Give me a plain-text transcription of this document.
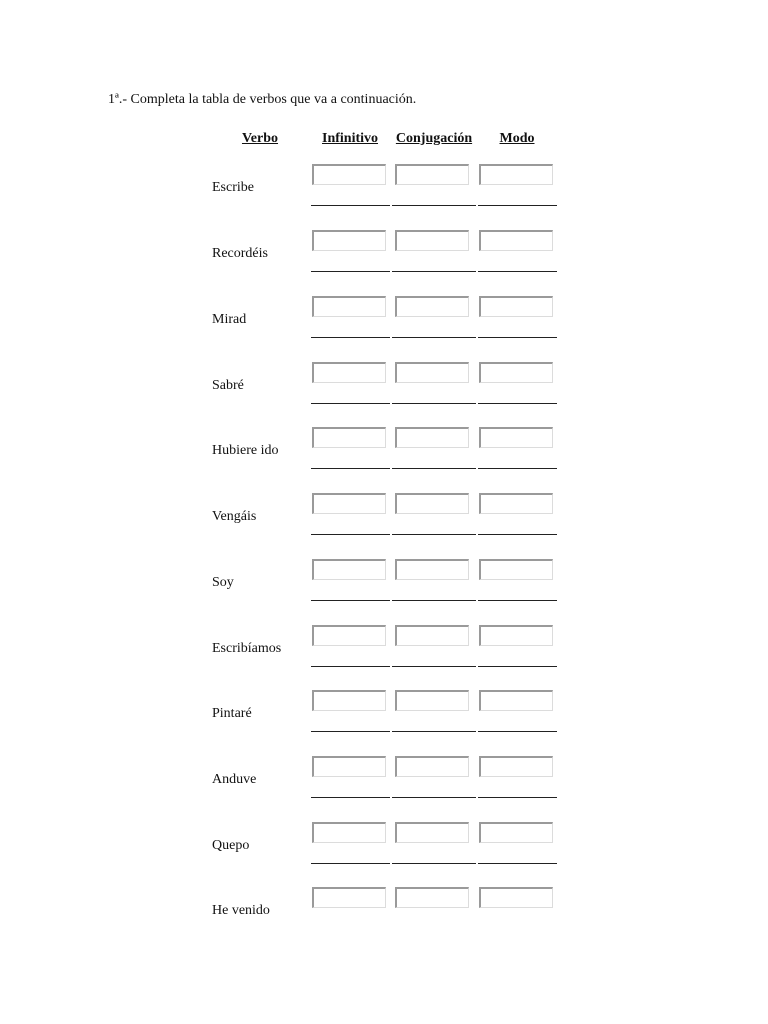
1ª.- Completa la tabla de verbos que va a continuación.
Verbo	Infinitivo Conjugación Modo
Escribe
Recordéis
Mirad
Sabré
Hubiere ido
Vengáis
Soy
Escribíamos
Pintaré
Anduve
Quepo
He venido
